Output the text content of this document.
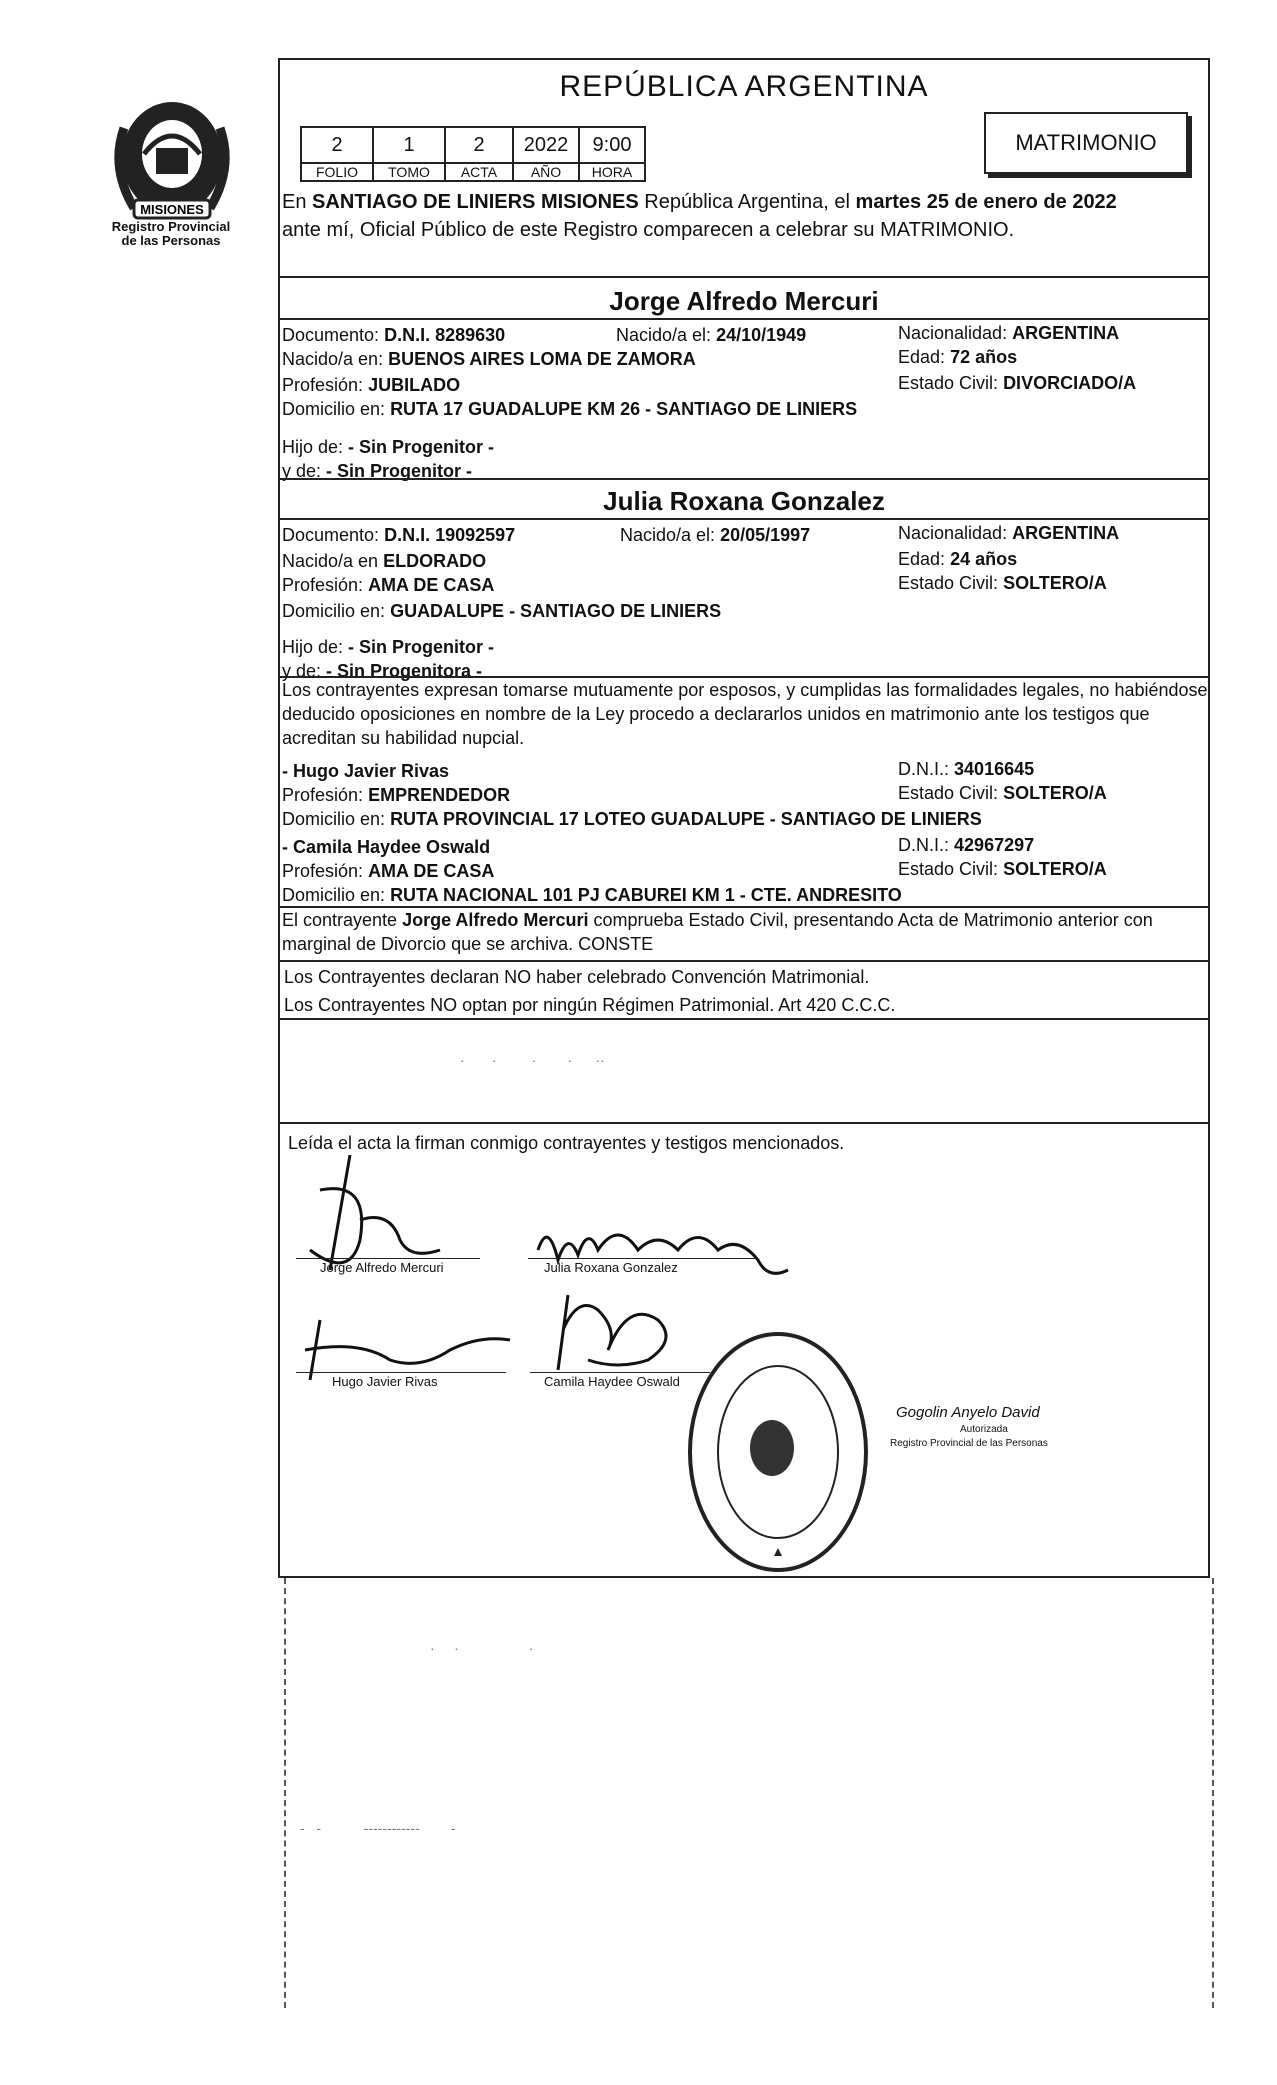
MISIONES
Registro Provincial
de las Personas
REPÚBLICA ARGENTINA
2	1	2	2022	9:00
FOLIO	TOMO	ACTA	AÑO	HORA
MATRIMONIO
En SANTIAGO DE LINIERS MISIONES República Argentina, el martes 25 de enero de 2022
ante mí, Oficial Público de este Registro comparecen a celebrar su MATRIMONIO.
Jorge Alfredo Mercuri
Documento: D.N.I. 8289630	Nacido/a el: 24/10/1949	Nacionalidad: ARGENTINA
Nacido/a en: BUENOS AIRES LOMA DE ZAMORA	Edad: 72 años
Profesión: JUBILADO	Estado Civil: DIVORCIADO/A
Domicilio en: RUTA 17 GUADALUPE KM 26 - SANTIAGO DE LINIERS
Hijo de: - Sin Progenitor -
y de: - Sin Progenitor -
Julia Roxana Gonzalez
Documento: D.N.I. 19092597	Nacido/a el: 20/05/1997	Nacionalidad: ARGENTINA
Nacido/a en ELDORADO	Edad: 24 años
Profesión: AMA DE CASA	Estado Civil: SOLTERO/A
Domicilio en: GUADALUPE - SANTIAGO DE LINIERS
Hijo de: - Sin Progenitor -
y de: - Sin Progenitora -
Los contrayentes expresan tomarse mutuamente por esposos, y cumplidas las formalidades legales, no habiéndose deducido oposiciones en nombre de la Ley procedo a declararlos unidos en matrimonio ante los testigos que acreditan su habilidad nupcial.
- Hugo Javier Rivas	D.N.I.: 34016645
Profesión: EMPRENDEDOR	Estado Civil: SOLTERO/A
Domicilio en: RUTA PROVINCIAL 17 LOTEO GUADALUPE - SANTIAGO DE LINIERS
- Camila Haydee Oswald	D.N.I.: 42967297
Profesión: AMA DE CASA	Estado Civil: SOLTERO/A
Domicilio en: RUTA NACIONAL 101 PJ CABUREI KM 1 - CTE. ANDRESITO
El contrayente Jorge Alfredo Mercuri comprueba Estado Civil, presentando Acta de Matrimonio anterior con marginal de Divorcio que se archiva. CONSTE
Los Contrayentes declaran NO haber celebrado Convención Matrimonial.
Los Contrayentes NO optan por ningún Régimen Patrimonial. Art 420 C.C.C.
·       ·         ·        ·      ··
Leída el acta la firman conmigo contrayentes y testigos mencionados.
Jorge Alfredo Mercuri	Julia Roxana Gonzalez
Hugo Javier Rivas	Camila Haydee Oswald
Gogolin Anyelo David
Autorizada
Registro Provincial de las Personas
·     ·                  ·
-   -           ------------        -
